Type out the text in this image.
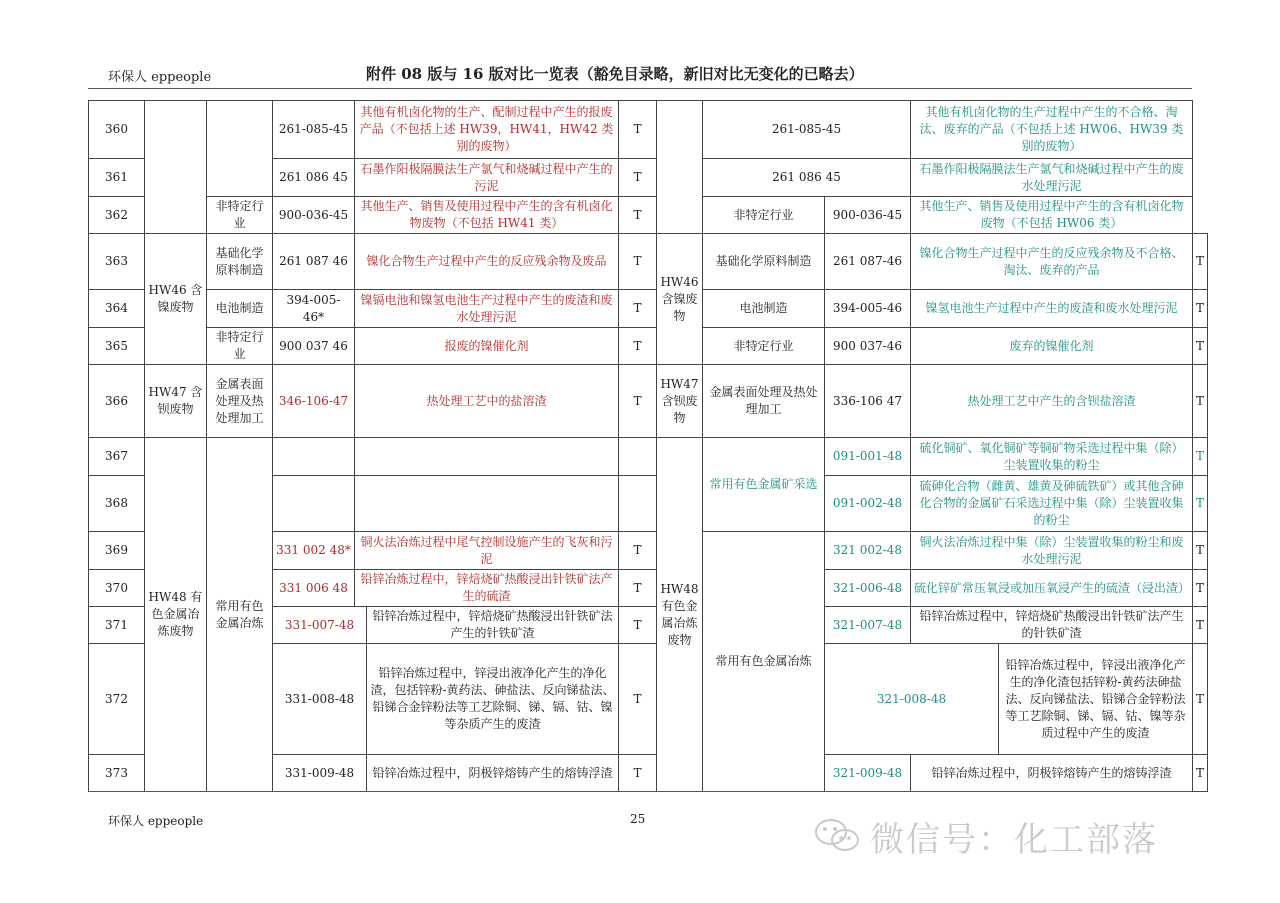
环保人 eppeople	附件 08 版与 16 版对比一览表（豁免目录略，新旧对比无变化的已略去）
360			261-085-45	其他有机卤化物的生产、配制过程中产生的报废产品（不包括上述 HW39，HW41，HW42 类别的废物）		T		261-085-45		其他有机卤化物的生产过程中产生的不合格、淘汰、废弃的产品（不包括上述 HW06、HW39 类别的废物）		
361			261 086 45	石墨作阳极隔膜法生产氯气和烧碱过程中产生的污泥		T		261 086 45		石墨作阳极隔膜法生产氯气和烧碱过程中产生的废水处理污泥		
362		非特定行业	900-036-45	其他生产、销售及使用过程中产生的含有机卤化物废物（不包括 HW41 类）		T		非特定行业	900-036-45	其他生产、销售及使用过程中产生的含有机卤化物废物（不包括 HW06 类）		
363	HW46 含镍废物	基础化学原料制造	261 087 46	镍化合物生产过程中产生的反应残余物及废品		T	HW46 含镍废物	基础化学原料制造	261 087-46	镍化合物生产过程中产生的反应残余物及不合格、淘汰、废弃的产品		T
364		电池制造	394-005-46*	镍镉电池和镍氢电池生产过程中产生的废渣和废水处理污泥		T		电池制造	394-005-46	镍氢电池生产过程中产生的废渣和废水处理污泥		T
365		非特定行业	900 037 46	报废的镍催化剂		T		非特定行业	900 037-46	废弃的镍催化剂		T
366	HW47 含钡废物	金属表面处理及热处理加工	346-106-47	热处理工艺中的盐溶渣		T	HW47 含钡废物	金属表面处理及热处理加工	336-106 47	热处理工艺中产生的含钡盐溶渣		T
367	HW48 有色金属冶炼废物	常用有色金属冶炼					HW48 有色金属冶炼废物	常用有色金属矿采选	091-001-48	硫化铜矿、氧化铜矿等铜矿物采选过程中集（除）尘装置收集的粉尘		T
368									091-002-48	硫砷化合物（雌黄、雄黄及砷硫铁矿）或其他含砷化合物的金属矿石采选过程中集（除）尘装置收集的粉尘		T
369			331 002 48*	铜火法冶炼过程中尾气控制设施产生的飞灰和污泥		T		常用有色金属冶炼	321 002-48	铜火法冶炼过程中集（除）尘装置收集的粉尘和废水处理污泥		T
370			331 006 48	铅锌冶炼过程中，锌焙烧矿热酸浸出针铁矿法产生的硫渣		T			321-006-48	硫化锌矿常压氧浸或加压氧浸产生的硫渣（浸出渣）		T
371			331-007-48		铅锌冶炼过程中，锌焙烧矿热酸浸出针铁矿法产生的针铁矿渣	T			321-007-48	铅锌冶炼过程中，锌焙烧矿热酸浸出针铁矿法产生的针铁矿渣		T
372			331-008-48		铅锌冶炼过程中，锌浸出液净化产生的净化渣，包括锌粉-黄药法、砷盐法、反向锑盐法、铅锑合金锌粉法等工艺除铜、锑、镉、钴、镍等杂质产生的废渣	T			321-008-48		铅锌冶炼过程中，锌浸出液净化产生的净化渣包括锌粉-黄药法砷盐法、反向锑盐法、铅锑合金锌粉法等工艺除铜、锑、镉、钴、镍等杂质过程中产生的废渣	T
373			331-009-48		铅锌冶炼过程中，阴极锌熔铸产生的熔铸浮渣	T			321-009-48	铅锌冶炼过程中，阴极锌熔铸产生的熔铸浮渣		T
环保人 eppeople	25
微信号：化工部落
